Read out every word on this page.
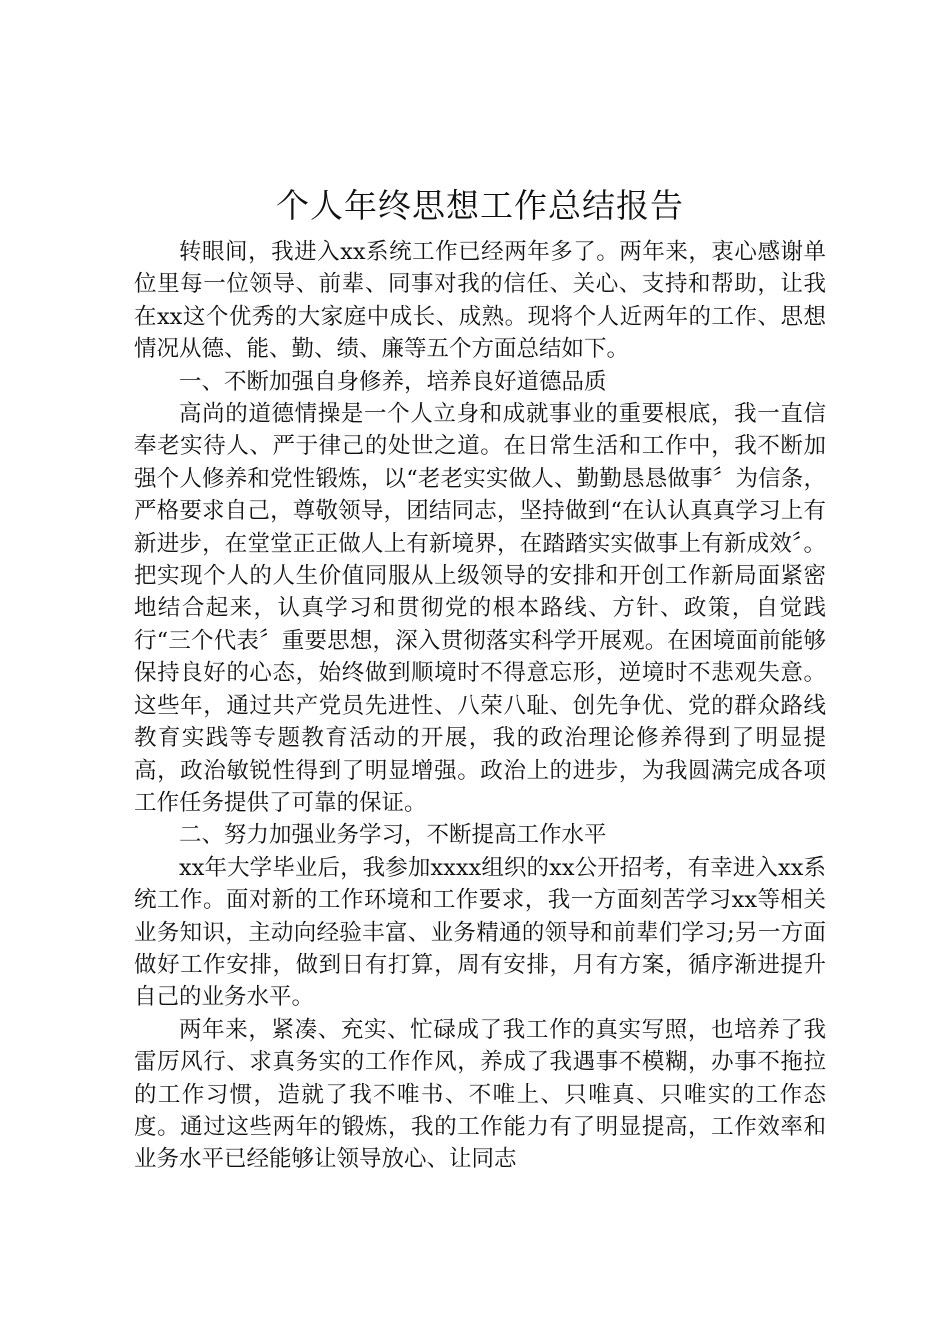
个人年终思想工作总结报告

转眼间，我进入xx系统工作已经两年多了。两年来，衷心感谢单位里每一位领导、前辈、同事对我的信任、关心、支持和帮助，让我在xx这个优秀的大家庭中成长、成熟。现将个人近两年的工作、思想情况从德、能、勤、绩、廉等五个方面总结如下。

一、不断加强自身修养，培养良好道德品质

高尚的道德情操是一个人立身和成就事业的重要根底，我一直信奉老实待人、严于律己的处世之道。在日常生活和工作中，我不断加强个人修养和党性锻炼，以“老老实实做人、勤勤恳恳做事〞为信条，严格要求自己，尊敬领导，团结同志，坚持做到“在认认真真学习上有新进步，在堂堂正正做人上有新境界，在踏踏实实做事上有新成效〞。把实现个人的人生价值同服从上级领导的安排和开创工作新局面紧密地结合起来，认真学习和贯彻党的根本路线、方针、政策，自觉践行“三个代表〞重要思想，深入贯彻落实科学开展观。在困境面前能够保持良好的心态，始终做到顺境时不得意忘形，逆境时不悲观失意。这些年，通过共产党员先进性、八荣八耻、创先争优、党的群众路线教育实践等专题教育活动的开展，我的政治理论修养得到了明显提高，政治敏锐性得到了明显增强。政治上的进步，为我圆满完成各项工作任务提供了可靠的保证。

二、努力加强业务学习，不断提高工作水平

xx年大学毕业后，我参加xxxx组织的xx公开招考，有幸进入xx系统工作。面对新的工作环境和工作要求，我一方面刻苦学习xx等相关业务知识，主动向经验丰富、业务精通的领导和前辈们学习;另一方面做好工作安排，做到日有打算，周有安排，月有方案，循序渐进提升自己的业务水平。

两年来，紧凑、充实、忙碌成了我工作的真实写照，也培养了我雷厉风行、求真务实的工作作风，养成了我遇事不模糊，办事不拖拉的工作习惯，造就了我不唯书、不唯上、只唯真、只唯实的工作态度。通过这些两年的锻炼，我的工作能力有了明显提高，工作效率和业务水平已经能够让领导放心、让同志
